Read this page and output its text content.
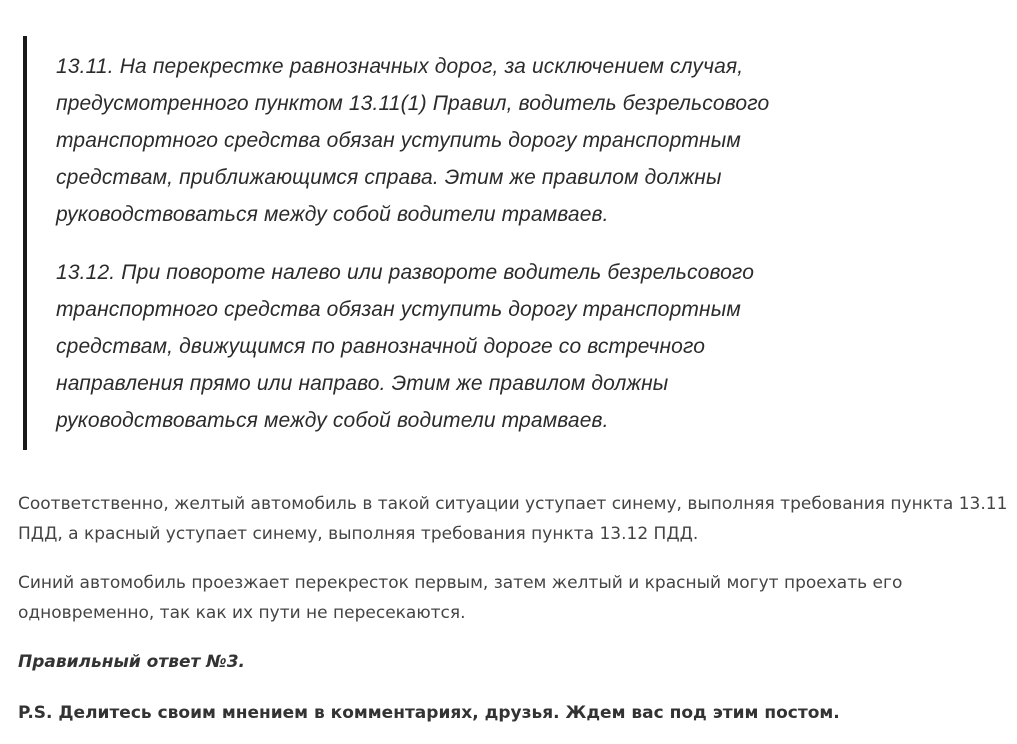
13.11. На перекрестке равнозначных дорог, за исключением случая,
предусмотренного пунктом 13.11(1) Правил, водитель безрельсового
транспортного средства обязан уступить дорогу транспортным
средствам, приближающимся справа. Этим же правилом должны
руководствоваться между собой водители трамваев.

13.12. При повороте налево или развороте водитель безрельсового
транспортного средства обязан уступить дорогу транспортным
средствам, движущимся по равнозначной дороге со встречного
направления прямо или направо. Этим же правилом должны
руководствоваться между собой водители трамваев.

Соответственно, желтый автомобиль в такой ситуации уступает синему, выполняя требования пункта 13.11
ПДД, а красный уступает синему, выполняя требования пункта 13.12 ПДД.

Синий автомобиль проезжает перекресток первым, затем желтый и красный могут проехать его
одновременно, так как их пути не пересекаются.

Правильный ответ №3.

P.S. Делитесь своим мнением в комментариях, друзья. Ждем вас под этим постом.
